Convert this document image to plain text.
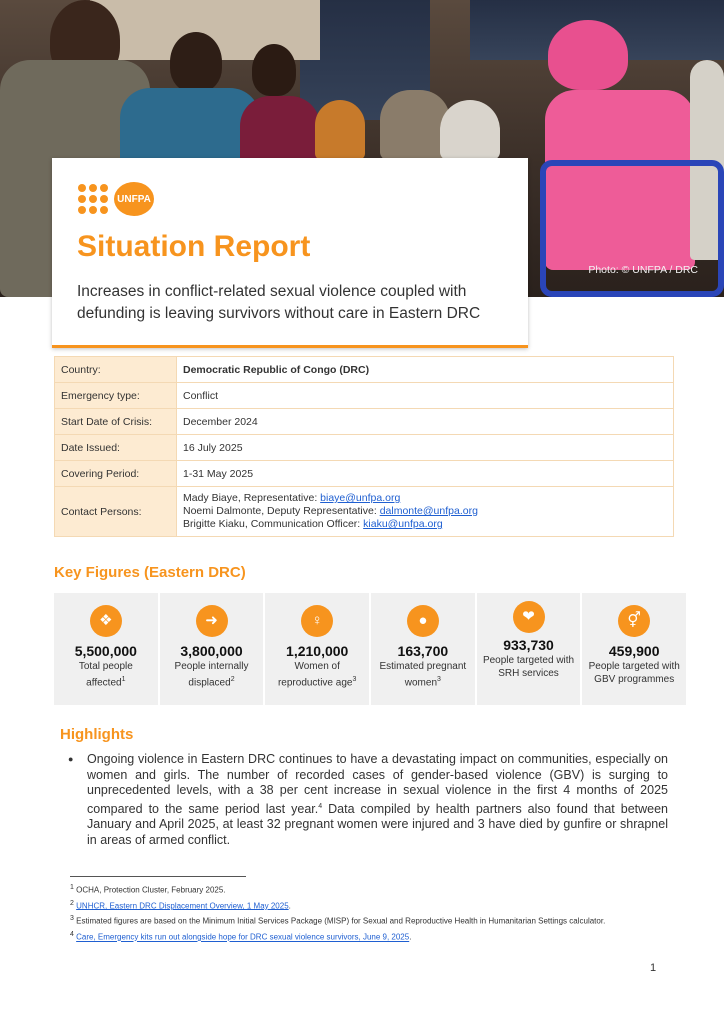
Photo: © UNFPA / DRC
UNFPA
Situation Report
Increases in conflict-related sexual violence coupled with defunding is leaving survivors without care in Eastern DRC
Country:	Democratic Republic of Congo (DRC)
Emergency type:	Conflict
Start Date of Crisis:	December 2024
Date Issued:	16 July 2025
Covering Period:	1-31 May 2025
Contact Persons:	Mady Biaye, Representative: biaye@unfpa.org
Noemi Dalmonte, Deputy Representative: dalmonte@unfpa.org
Brigitte Kiaku, Communication Officer: kiaku@unfpa.org
Key Figures (Eastern DRC)
❖
5,500,000
Total people affected$^1$
➜
3,800,000
People internally displaced$^2$
♀
1,210,000
Women of reproductive age$^3$
●
163,700
Estimated pregnant women$^3$
❤
933,730
People targeted with SRH services
⚥
459,900
People targeted with GBV programmes
Highlights
● Ongoing violence in Eastern DRC continues to have a devastating impact on communities, especially on women and girls. The number of recorded cases of gender-based violence (GBV) is surging to unprecedented levels, with a 38 per cent increase in sexual violence in the first 4 months of 2025 compared to the same period last year.$^4$ Data compiled by health partners also found that between January and April 2025, at least 32 pregnant women were injured and 3 have died by gunfire or shrapnel in areas of armed conflict.
$^1$ OCHA, Protection Cluster, February 2025.
$^2$ UNHCR, Eastern DRC Displacement Overview, 1 May 2025.
$^3$ Estimated figures are based on the Minimum Initial Services Package (MISP) for Sexual and Reproductive Health in Humanitarian Settings calculator.
$^4$ Care, Emergency kits run out alongside hope for DRC sexual violence survivors, June 9, 2025.
1
